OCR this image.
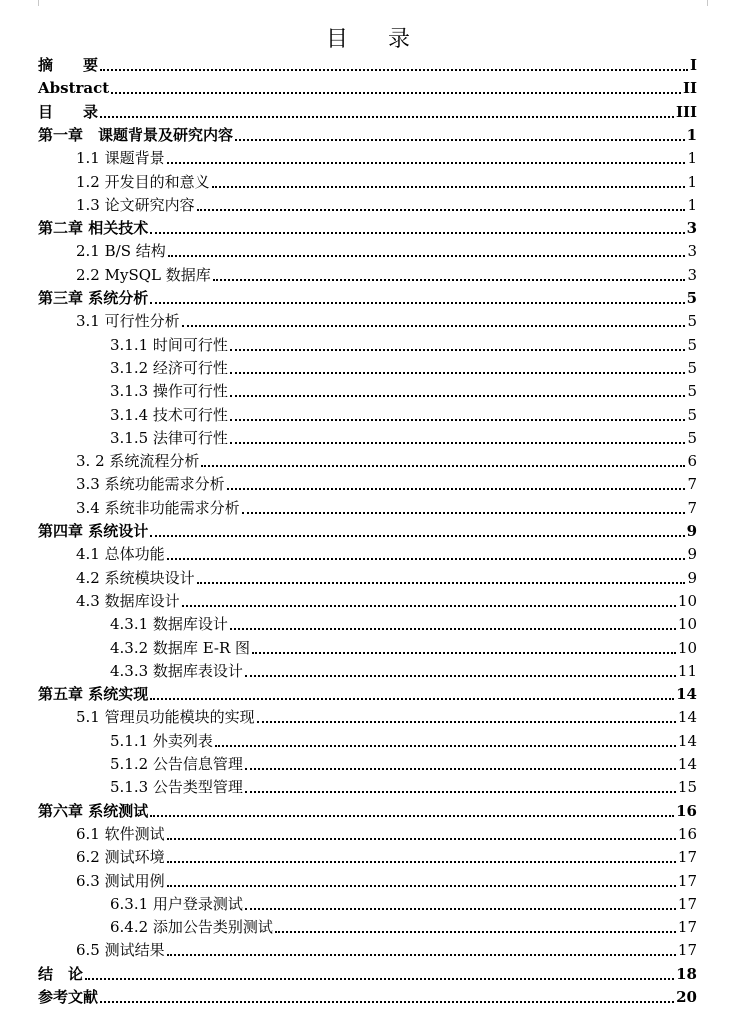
目录
摘　　要	I
Abstract	II
目　　录	III
第一章　课题背景及研究内容	1
1.1 课题背景	1
1.2 开发目的和意义	1
1.3 论文研究内容	1
第二章 相关技术	3
2.1 B/S 结构	3
2.2 MySQL 数据库	3
第三章 系统分析	5
3.1 可行性分析	5
3.1.1 时间可行性	5
3.1.2 经济可行性	5
3.1.3 操作可行性	5
3.1.4 技术可行性	5
3.1.5 法律可行性	5
3. 2 系统流程分析	6
3.3 系统功能需求分析	7
3.4 系统非功能需求分析	7
第四章 系统设计	9
4.1 总体功能	9
4.2 系统模块设计	9
4.3 数据库设计	10
4.3.1 数据库设计	10
4.3.2 数据库 E-R 图	10
4.3.3 数据库表设计	11
第五章 系统实现	14
5.1 管理员功能模块的实现	14
5.1.1 外卖列表	14
5.1.2 公告信息管理	14
5.1.3 公告类型管理	15
第六章 系统测试	16
6.1 软件测试	16
6.2 测试环境	17
6.3 测试用例	17
6.3.1 用户登录测试	17
6.4.2 添加公告类别测试	17
6.5 测试结果	17
结　论	18
参考文献	20
